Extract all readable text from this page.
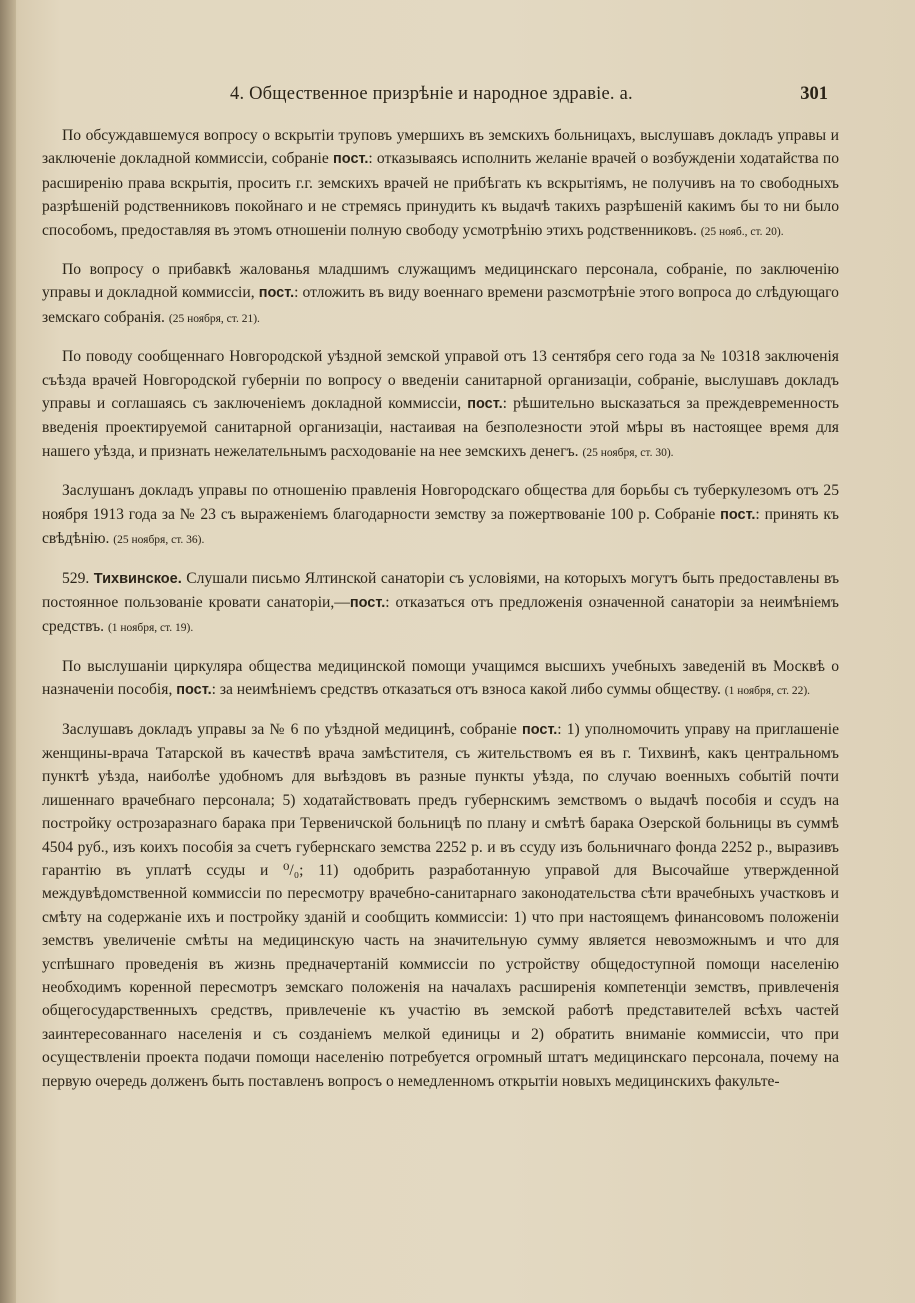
4. Общественное призрѣніе и народное здравіе. а.	301

По обсуждавшемуся вопросу о вскрытіи труповъ умершихъ въ земскихъ больницахъ, выслушавъ докладъ управы и заключеніе докладной коммиссіи, собраніе пост.: отказываясь исполнить желаніе врачей о возбужденіи ходатайства по расширенію права вскрытія, просить г.г. земскихъ врачей не прибѣгать къ вскрытіямъ, не получивъ на то свободныхъ разрѣшеній родственниковъ покойнаго и не стремясь принудить къ выдачѣ такихъ разрѣшеній какимъ бы то ни было способомъ, предоставляя въ этомъ отношеніи полную свободу усмотрѣнію этихъ родственниковъ. (25 нояб., ст. 20).

По вопросу о прибавкѣ жалованья младшимъ служащимъ медицинскаго персонала, собраніе, по заключенію управы и докладной коммиссіи, пост.: отложить въ виду военнаго времени разсмотрѣніе этого вопроса до слѣдующаго земскаго собранія. (25 ноября, ст. 21).

По поводу сообщеннаго Новгородской уѣздной земской управой отъ 13 сентября сего года за № 10318 заключенія съѣзда врачей Новгородской губерніи по вопросу о введеніи санитарной организаціи, собраніе, выслушавъ докладъ управы и соглашаясь съ заключеніемъ докладной коммиссіи, пост.: рѣшительно высказаться за преждевременность введенія проектируемой санитарной организаціи, настаивая на безполезности этой мѣры въ настоящее время для нашего уѣзда, и признать нежелательнымъ расходованіе на нее земскихъ денегъ. (25 ноября, ст. 30).

Заслушанъ докладъ управы по отношенію правленія Новгородскаго общества для борьбы съ туберкулезомъ отъ 25 ноября 1913 года за № 23 съ выраженіемъ благодарности земству за пожертвованіе 100 р. Собраніе пост.: принять къ свѣдѣнію. (25 ноября, ст. 36).

529. Тихвинское. Слушали письмо Ялтинской санаторіи съ условіями, на которыхъ могутъ быть предоставлены въ постоянное пользованіе кровати санаторіи,—пост.: отказаться отъ предложенія означенной санаторіи за неимѣніемъ средствъ. (1 ноября, ст. 19).

По выслушаніи циркуляра общества медицинской помощи учащимся высшихъ учебныхъ заведеній въ Москвѣ о назначеніи пособія, пост.: за неимѣніемъ средствъ отказаться отъ взноса какой либо суммы обществу. (1 ноября, ст. 22).

Заслушавъ докладъ управы за № 6 по уѣздной медицинѣ, собраніе пост.: 1) уполномочить управу на приглашеніе женщины-врача Татарской въ качествѣ врача замѣстителя, съ жительствомъ ея въ г. Тихвинѣ, какъ центральномъ пунктѣ уѣзда, наиболѣе удобномъ для выѣздовъ въ разные пункты уѣзда, по случаю военныхъ событій почти лишеннаго врачебнаго персонала; 5) ходатайствовать предъ губернскимъ земствомъ о выдачѣ пособія и ссудъ на постройку острозаразнаго барака при Тервеничской больницѣ по плану и смѣтѣ барака Озерской больницы въ суммѣ 4504 руб., изъ коихъ пособія за счетъ губернскаго земства 2252 р. и въ ссуду изъ больничнаго фонда 2252 р., выразивъ гарантію въ уплатѣ ссуды и ⁰/₀; 11) одобрить разработанную управой для Высочайше утвержденной междувѣдомственной коммиссіи по пересмотру врачебно-санитарнаго законодательства сѣти врачебныхъ участковъ и смѣту на содержаніе ихъ и постройку зданій и сообщить коммиссіи: 1) что при настоящемъ финансовомъ положеніи земствъ увеличеніе смѣты на медицинскую часть на значительную сумму является невозможнымъ и что для успѣшнаго проведенія въ жизнь предначертаній коммиссіи по устройству общедоступной помощи населенію необходимъ коренной пересмотръ земскаго положенія на началахъ расширенія компетенціи земствъ, привлеченія общегосударственныхъ средствъ, привлеченіе къ участію въ земской работѣ представителей всѣхъ частей заинтересованнаго населенія и съ созданіемъ мелкой единицы и 2) обратить вниманіе коммиссіи, что при осуществленіи проекта подачи помощи населенію потребуется огромный штатъ медицинскаго персонала, почему на первую очередь долженъ быть поставленъ вопросъ о немедленномъ открытіи новыхъ медицинскихъ факульте-
